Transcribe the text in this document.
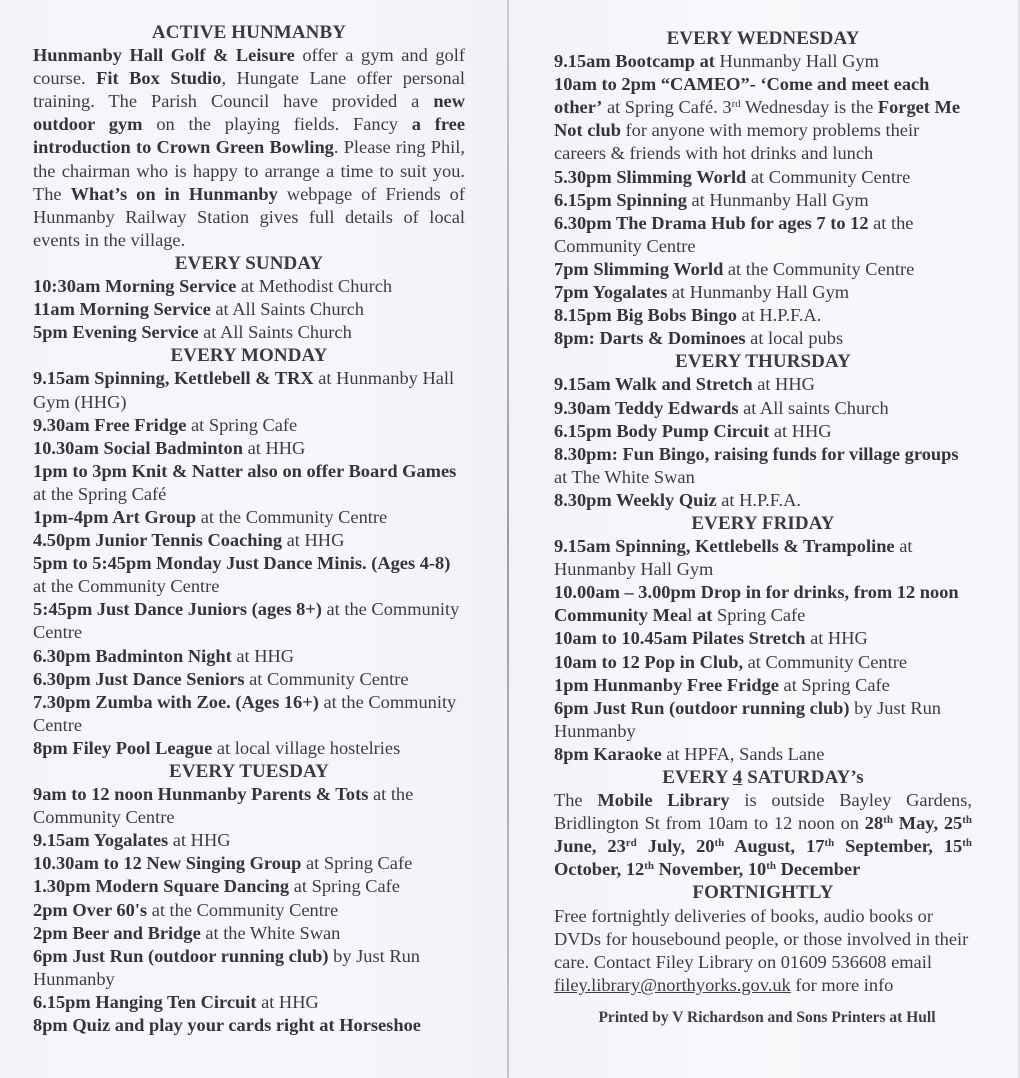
ACTIVE HUNMANBY
Hunmanby Hall Golf & Leisure offer a gym and golf course. Fit Box Studio, Hungate Lane offer personal training. The Parish Council have provided a new outdoor gym on the playing fields. Fancy a free introduction to Crown Green Bowling. Please ring Phil, the chairman who is happy to arrange a time to suit you. The What’s on in Hunmanby webpage of Friends of Hunmanby Railway Station gives full details of local events in the village.
EVERY SUNDAY
10:30am Morning Service at Methodist Church
11am Morning Service at All Saints Church
5pm Evening Service at All Saints Church
EVERY MONDAY
9.15am Spinning, Kettlebell & TRX at Hunmanby Hall Gym (HHG)
9.30am Free Fridge at Spring Cafe
10.30am Social Badminton at HHG
1pm to 3pm Knit & Natter also on offer Board Games at the Spring Café
1pm-4pm Art Group at the Community Centre
4.50pm Junior Tennis Coaching at HHG
5pm to 5:45pm Monday Just Dance Minis. (Ages 4-8) at the Community Centre
5:45pm Just Dance Juniors (ages 8+) at the Community Centre
6.30pm Badminton Night at HHG
6.30pm Just Dance Seniors at Community Centre
7.30pm Zumba with Zoe. (Ages 16+) at the Community Centre
8pm Filey Pool League at local village hostelries
EVERY TUESDAY
9am to 12 noon Hunmanby Parents & Tots at the Community Centre
9.15am Yogalates at HHG
10.30am to 12 New Singing Group at Spring Cafe
1.30pm Modern Square Dancing at Spring Cafe
2pm Over 60's at the Community Centre
2pm Beer and Bridge at the White Swan
6pm Just Run (outdoor running club) by Just Run Hunmanby
6.15pm Hanging Ten Circuit at HHG
8pm Quiz and play your cards right at Horseshoe
EVERY WEDNESDAY
9.15am Bootcamp at Hunmanby Hall Gym
10am to 2pm “CAMEO”- ‘Come and meet each other’ at Spring Café. 3rd Wednesday is the Forget Me Not club for anyone with memory problems their careers & friends with hot drinks and lunch
5.30pm Slimming World at Community Centre
6.15pm Spinning at Hunmanby Hall Gym
6.30pm The Drama Hub for ages 7 to 12 at the Community Centre
7pm Slimming World at the Community Centre
7pm Yogalates at Hunmanby Hall Gym
8.15pm Big Bobs Bingo at H.P.F.A.
8pm: Darts & Dominoes at local pubs
EVERY THURSDAY
9.15am Walk and Stretch at HHG
9.30am Teddy Edwards at All saints Church
6.15pm Body Pump Circuit at HHG
8.30pm: Fun Bingo, raising funds for village groups at The White Swan
8.30pm Weekly Quiz at H.P.F.A.
EVERY FRIDAY
9.15am Spinning, Kettlebells & Trampoline at Hunmanby Hall Gym
10.00am – 3.00pm Drop in for drinks, from 12 noon Community Meal at Spring Cafe
10am to 10.45am Pilates Stretch at HHG
10am to 12 Pop in Club, at Community Centre
1pm Hunmanby Free Fridge at Spring Cafe
6pm Just Run (outdoor running club) by Just Run Hunmanby
8pm Karaoke at HPFA, Sands Lane
EVERY 4 SATURDAY’s
The Mobile Library is outside Bayley Gardens, Bridlington St from 10am to 12 noon on 28th May, 25th June, 23rd July, 20th August, 17th September, 15th October, 12th November, 10th December
FORTNIGHTLY
Free fortnightly deliveries of books, audio books or DVDs for housebound people, or those involved in their care. Contact Filey Library on 01609 536608 email filey.library@northyorks.gov.uk for more info
Printed by V Richardson and Sons Printers at Hull
